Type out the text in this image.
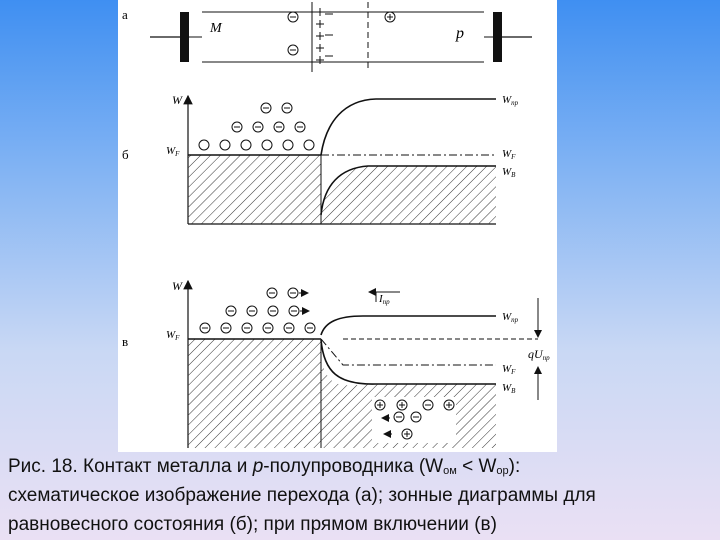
а
M	p
б
W
WF
Wпр
WF
WВ
в
W
WF
qUпр
Wпр
WF
WВ
Iпр
Рис. 18. Контакт металла и p-полупроводника $(W_{ом} < W_{ор})$:
схематическое изображение перехода (а); зонные диаграммы для
равновесного состояния (б); при прямом включении (в)
